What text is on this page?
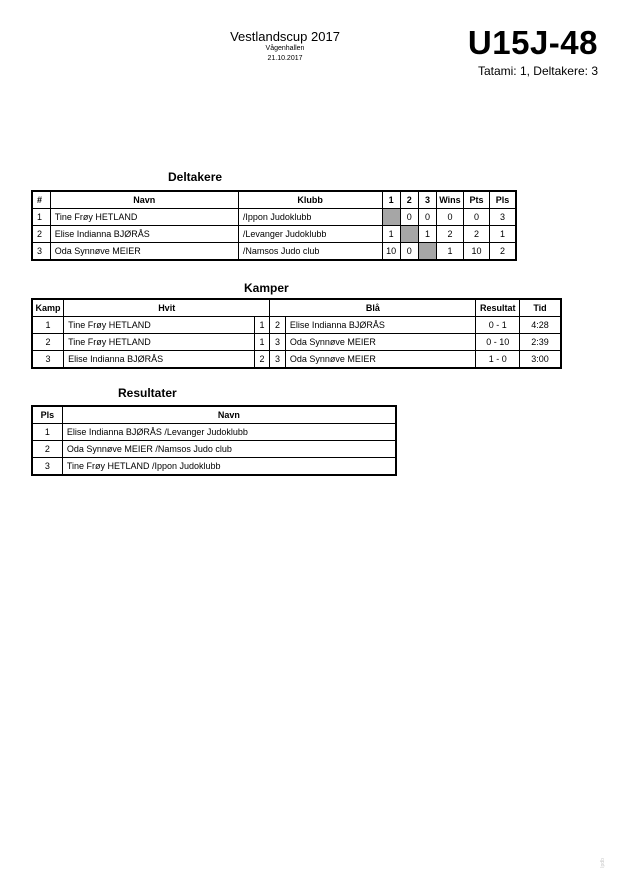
Vestlandscup 2017
Vågenhallen
21.10.2017	U15J-48
Tatami: 1, Deltakere: 3
Deltakere
#	Navn	Klubb	1	2	3	Wins	Pts	Pls
1	Tine Frøy HETLAND	/Ippon Judoklubb		0	0	0	0	3
2	Elise Indianna BJØRÅS	/Levanger Judoklubb	1		1	2	2	1
3	Oda Synnøve MEIER	/Namsos Judo club	10	0		1	10	2
Kamper
Kamp	Hvit		Blå		Resultat	Tid
1	Tine Frøy HETLAND	1	2	Elise Indianna BJØRÅS	0 - 1	4:28
2	Tine Frøy HETLAND	1	3	Oda Synnøve MEIER	0 - 10	2:39
3	Elise Indianna BJØRÅS	2	3	Oda Synnøve MEIER	1 - 0	3:00
Resultater
Pls	Navn
1	Elise Indianna BJØRÅS /Levanger Judoklubb
2	Oda Synnøve MEIER /Namsos Judo club
3	Tine Frøy HETLAND /Ippon Judoklubb
Ipdb
